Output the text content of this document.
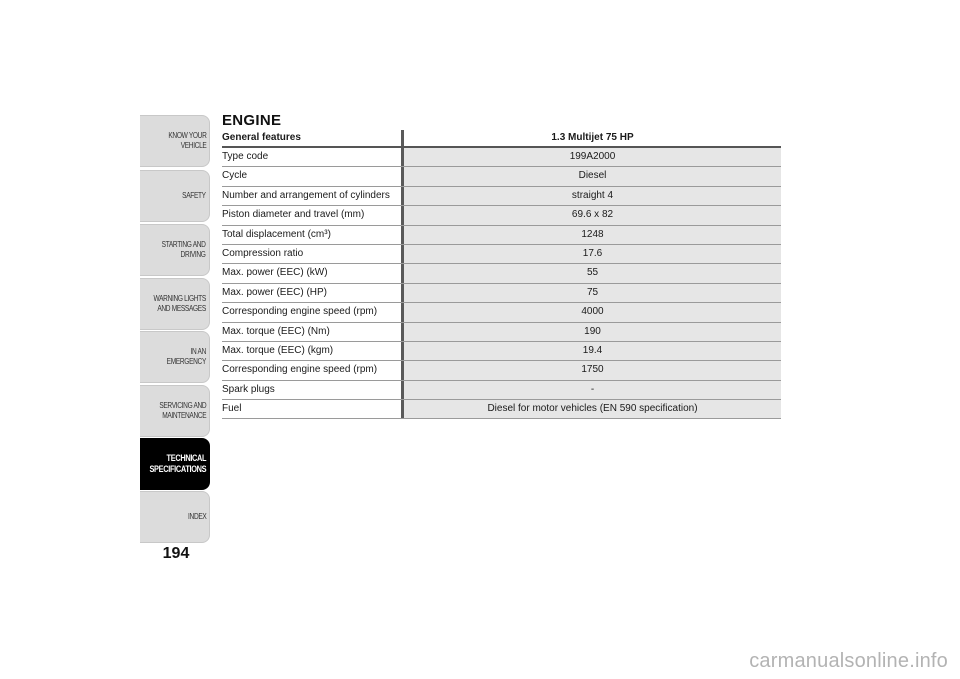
KNOW YOUR
VEHICLE
SAFETY
STARTING AND
DRIVING
WARNING LIGHTS
AND MESSAGES
IN AN EMERGENCY
SERVICING AND
MAINTENANCE
TECHNICAL
SPECIFICATIONS
INDEX
194
ENGINE
General features	1.3 Multijet 75 HP
Type code	199A2000
Cycle	Diesel
Number and arrangement of cylinders	straight 4
Piston diameter and travel (mm)	69.6 x 82
Total displacement (cm³)	1248
Compression ratio	17.6
Max. power (EEC) (kW)	55
Max. power (EEC) (HP)	75
Corresponding engine speed (rpm)	4000
Max. torque (EEC) (Nm)	190
Max. torque (EEC) (kgm)	19.4
Corresponding engine speed (rpm)	1750
Spark plugs	-
Fuel	Diesel for motor vehicles (EN 590 specification)
carmanualsonline.info
